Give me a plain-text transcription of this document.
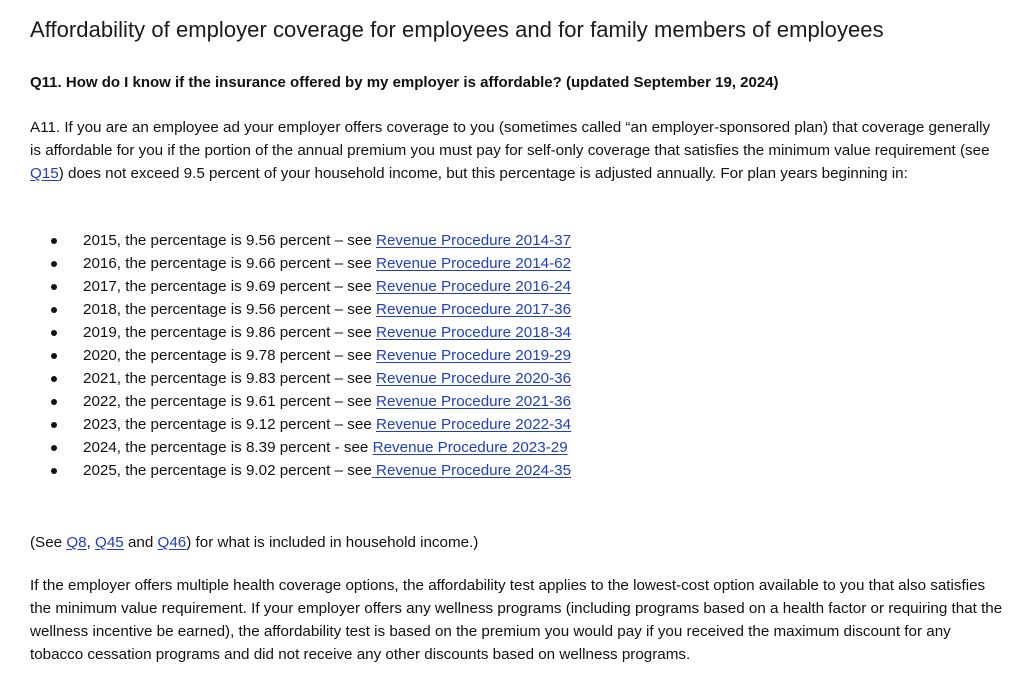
Affordability of employer coverage for employees and for family members of employees
Q11. How do I know if the insurance offered by my employer is affordable? (updated September 19, 2024)
A11. If you are an employee ad your employer offers coverage to you (sometimes called “an employer-sponsored plan) that coverage generally is affordable for you if the portion of the annual premium you must pay for self-only coverage that satisfies the minimum value requirement (see Q15) does not exceed 9.5 percent of your household income, but this percentage is adjusted annually. For plan years beginning in:
2015, the percentage is 9.56 percent – see Revenue Procedure 2014-37
2016, the percentage is 9.66 percent – see Revenue Procedure 2014-62
2017, the percentage is 9.69 percent – see Revenue Procedure 2016-24
2018, the percentage is 9.56 percent – see Revenue Procedure 2017-36
2019, the percentage is 9.86 percent – see Revenue Procedure 2018-34
2020, the percentage is 9.78 percent – see Revenue Procedure 2019-29
2021, the percentage is 9.83 percent – see Revenue Procedure 2020-36
2022, the percentage is 9.61 percent – see Revenue Procedure 2021-36
2023, the percentage is 9.12 percent – see Revenue Procedure 2022-34
2024, the percentage is 8.39 percent - see Revenue Procedure 2023-29
2025, the percentage is 9.02 percent – see Revenue Procedure 2024-35
(See Q8, Q45 and Q46) for what is included in household income.)
If the employer offers multiple health coverage options, the affordability test applies to the lowest-cost option available to you that also satisfies the minimum value requirement. If your employer offers any wellness programs (including programs based on a health factor or requiring that the wellness incentive be earned), the affordability test is based on the premium you would pay if you received the maximum discount for any tobacco cessation programs and did not receive any other discounts based on wellness programs.
